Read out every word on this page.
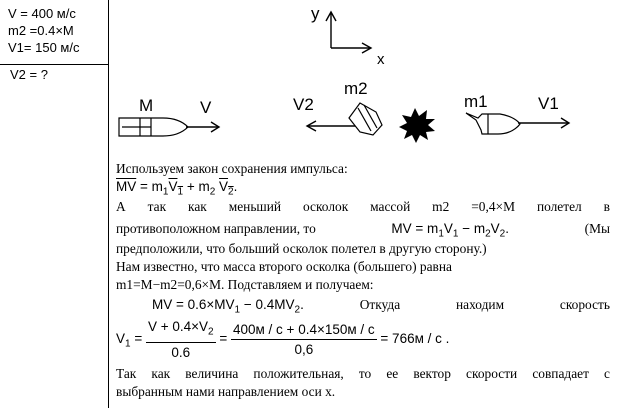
V = 400 м/с
m2 =0.4×M
V1= 150 м/с
V2 = ?
y
x
M	V	V2
m2
m1	V1
Используем закон сохранения импульса:
$\overline{MV} = m_1V_1 + m_2$ $V_2$.
А так как меньший осколок массой m2 =0,4×M полетел в
противоположном направлении, то	MV = $m_1V_1 - m_2V_2$.	(Мы
предположили, что больший осколок полетел в другую сторону.)
Нам известно, что масса второго осколка (большего) равна
m1=M−m2=0,6×M. Подставляем и получаем:
MV = $0.6\times MV_1 - 0.4MV_2$.	Откуда	находим	скорость
$V_1 = \frac{V + 0.4\times V_2}{0.6} = \frac{400м / с + 0.4\times 150м / с}{0,6} = 766м / с$ .
Так как величина положительная, то ее вектор скорости совпадает с
выбранным нами направлением оси x.
